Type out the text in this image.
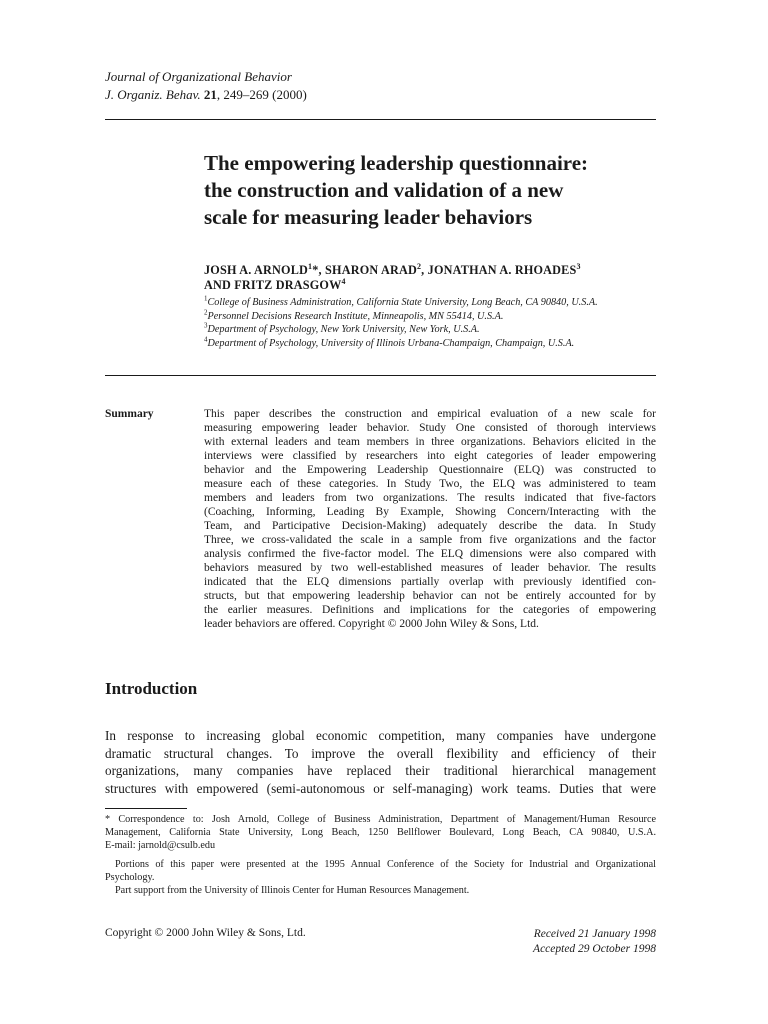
Journal of Organizational Behavior
J. Organiz. Behav. 21, 249–269 (2000)
The empowering leadership questionnaire:
the construction and validation of a new
scale for measuring leader behaviors
JOSH A. ARNOLD$^1$*, SHARON ARAD$^2$, JONATHAN A. RHOADES$^3$
AND FRITZ DRASGOW$^4$
$^1$College of Business Administration, California State University, Long Beach, CA 90840, U.S.A.
$^2$Personnel Decisions Research Institute, Minneapolis, MN 55414, U.S.A.
$^3$Department of Psychology, New York University, New York, U.S.A.
$^4$Department of Psychology, University of Illinois Urbana-Champaign, Champaign, U.S.A.
Summary	This paper describes the construction and empirical evaluation of a new scale for
measuring empowering leader behavior. Study One consisted of thorough interviews
with external leaders and team members in three organizations. Behaviors elicited in the
interviews were classified by researchers into eight categories of leader empowering
behavior and the Empowering Leadership Questionnaire (ELQ) was constructed to
measure each of these categories. In Study Two, the ELQ was administered to team
members and leaders from two organizations. The results indicated that five-factors
(Coaching, Informing, Leading By Example, Showing Concern/Interacting with the
Team, and Participative Decision-Making) adequately describe the data. In Study
Three, we cross-validated the scale in a sample from five organizations and the factor
analysis confirmed the five-factor model. The ELQ dimensions were also compared with
behaviors measured by two well-established measures of leader behavior. The results
indicated that the ELQ dimensions partially overlap with previously identified con-
structs, but that empowering leadership behavior can not be entirely accounted for by
the earlier measures. Definitions and implications for the categories of empowering
leader behaviors are offered. Copyright © 2000 John Wiley & Sons, Ltd.
Introduction
In response to increasing global economic competition, many companies have undergone
dramatic structural changes. To improve the overall flexibility and efficiency of their
organizations, many companies have replaced their traditional hierarchical management
structures with empowered (semi-autonomous or self-managing) work teams. Duties that were
* Correspondence to: Josh Arnold, College of Business Administration, Department of Management/Human Resource
Management, California State University, Long Beach, 1250 Bellflower Boulevard, Long Beach, CA 90840, U.S.A.
E-mail: jarnold@csulb.edu
Portions of this paper were presented at the 1995 Annual Conference of the Society for Industrial and Organizational
Psychology.
Part support from the University of Illinois Center for Human Resources Management.
Copyright © 2000 John Wiley & Sons, Ltd.	Received 21 January 1998
Accepted 29 October 1998
